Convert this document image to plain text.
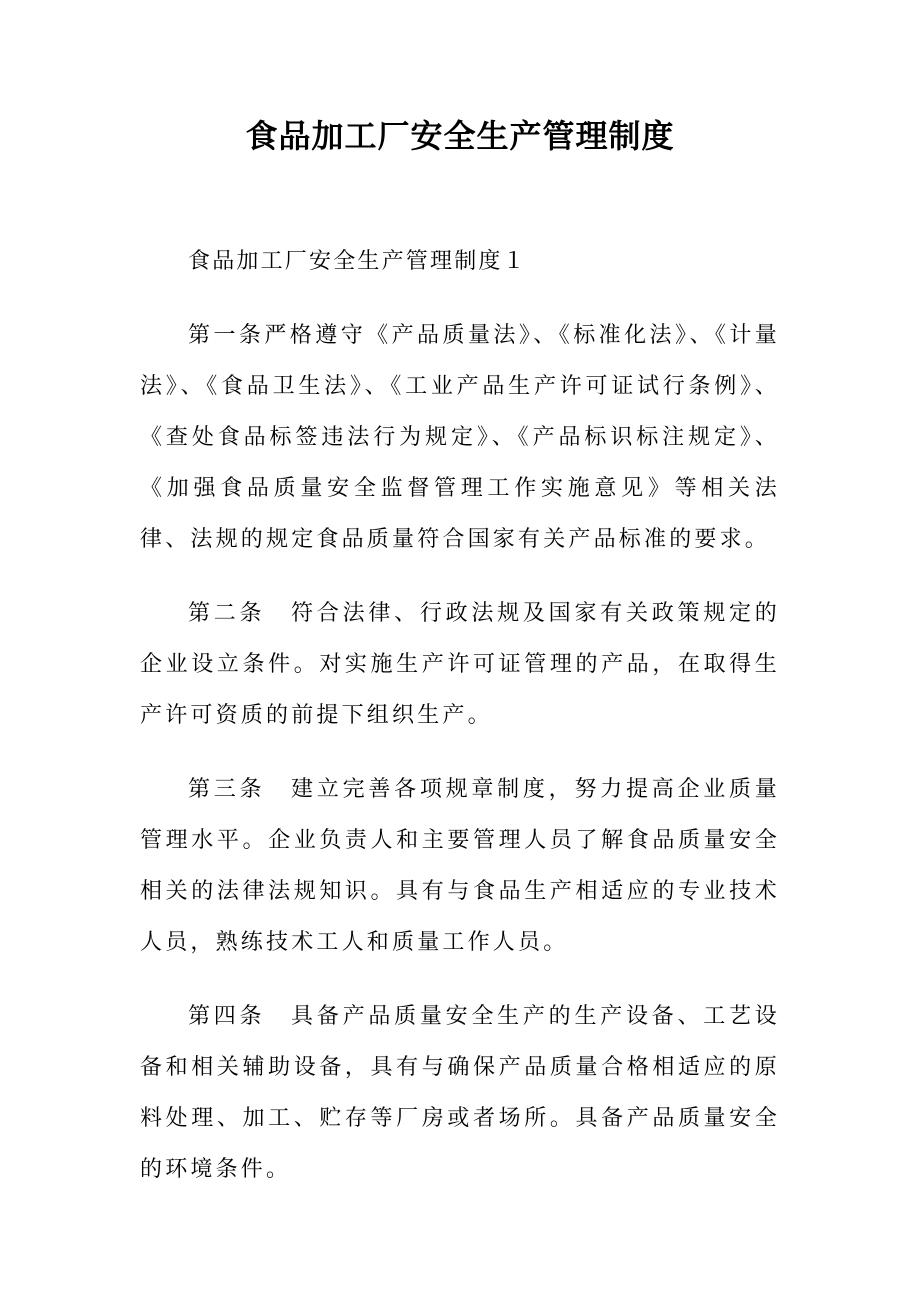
食品加工厂安全生产管理制度

食品加工厂安全生产管理制度１

第一条严格遵守《产品质量法》、《标准化法》、《计量法》、《食品卫生法》、《工业产品生产许可证试行条例》、《查处食品标签违法行为规定》、《产品标识标注规定》、《加强食品质量安全监督管理工作实施意见》等相关法律、法规的规定食品质量符合国家有关产品标准的要求。

第二条　符合法律、行政法规及国家有关政策规定的企业设立条件。对实施生产许可证管理的产品，在取得生产许可资质的前提下组织生产。

第三条　建立完善各项规章制度，努力提高企业质量管理水平。企业负责人和主要管理人员了解食品质量安全相关的法律法规知识。具有与食品生产相适应的专业技术人员，熟练技术工人和质量工作人员。

第四条　具备产品质量安全生产的生产设备、工艺设备和相关辅助设备，具有与确保产品质量合格相适应的原料处理、加工、贮存等厂房或者场所。具备产品质量安全的环境条件。
